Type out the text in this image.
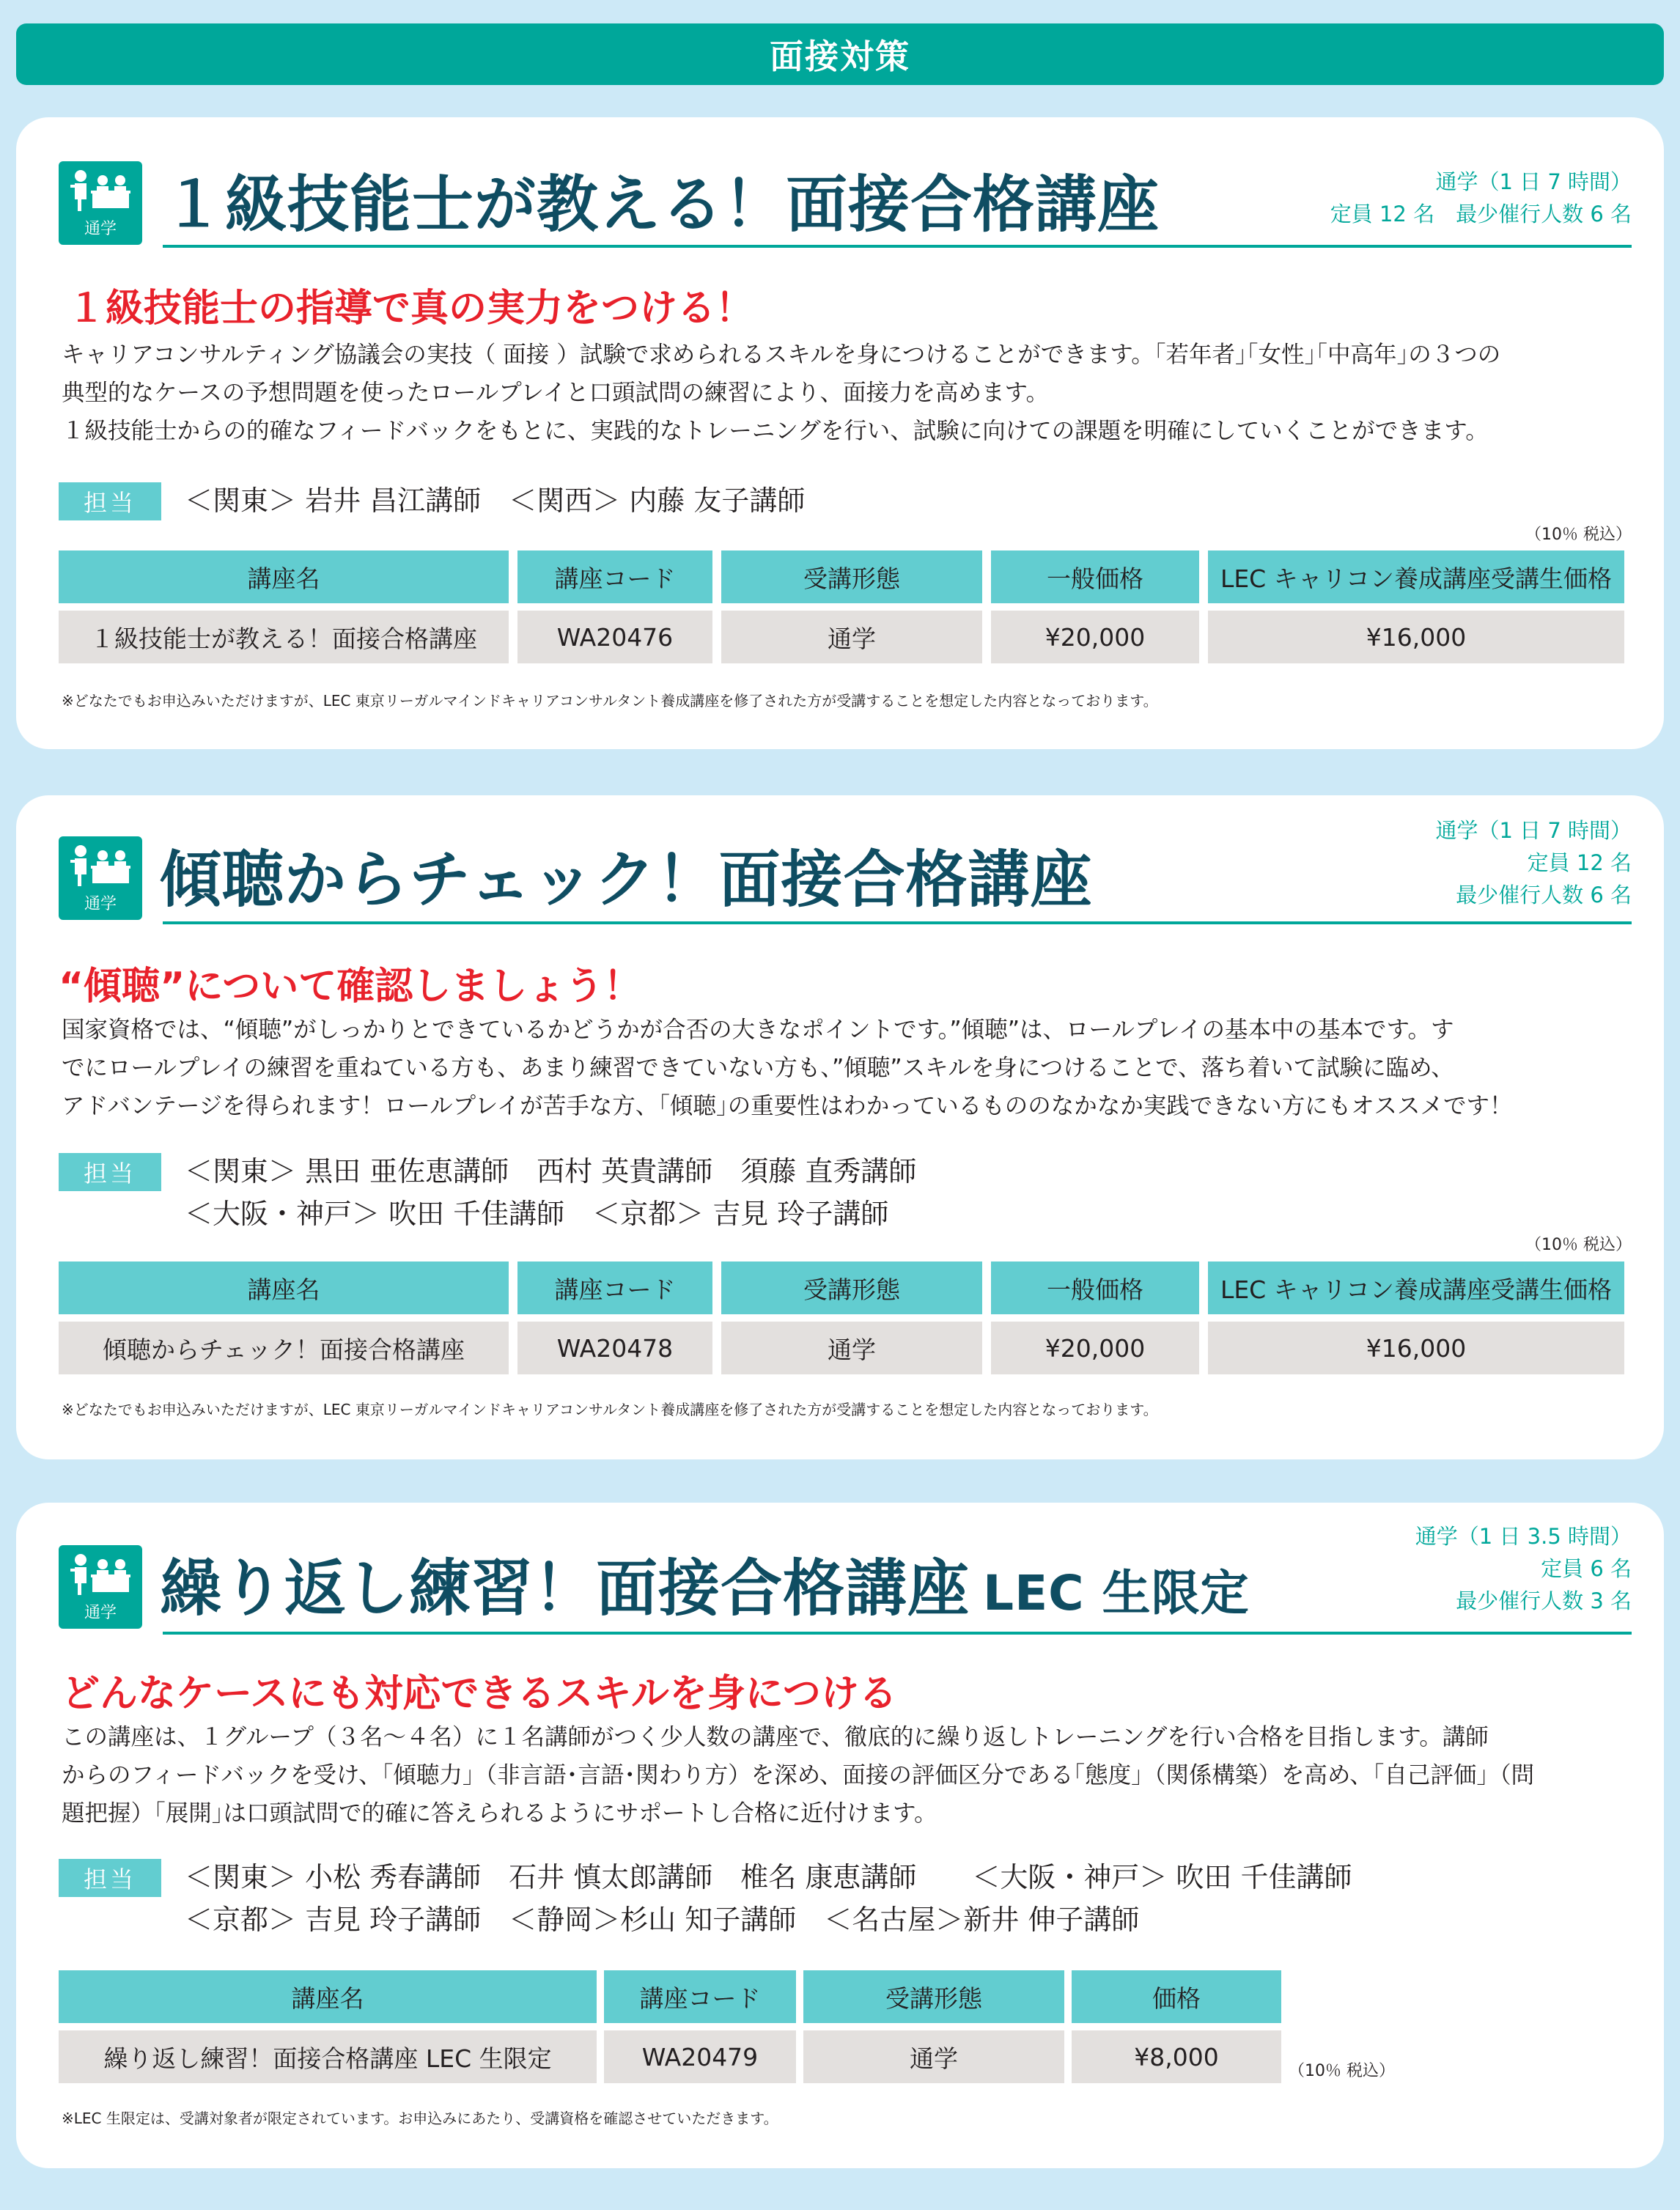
面接対策
通学 １級技能士が教える！面接合格講座	通学（1 日 7 時間）
定員 12 名　最少催行人数 6 名
１級技能士の指導で真の実力をつける！

キャリアコンサルティング協議会の実技（ 面接 ）試験で求められるスキルを身につけることができます。｢若年者｣｢女性｣｢中高年｣の３つの

典型的なケースの予想問題を使ったロールプレイと口頭試問の練習により、面接力を高めます。

１級技能士からの的確なフィードバックをもとに、実践的なトレーニングを行い、試験に向けての課題を明確にしていくことができます。

担当	＜関東＞ 岩井 昌江講師　＜関西＞ 内藤 友子講師
（10％ 税込）
講座名	講座コード	受講形態	一般価格	LEC キャリコン養成講座受講生価格
１級技能士が教える！面接合格講座	WA20476	通学	¥20,000	¥16,000
※どなたでもお申込みいただけますが、LEC 東京リーガルマインドキャリアコンサルタント養成講座を修了された方が受講することを想定した内容となっております。
通学 傾聴からチェック！面接合格講座
通学（1 日 7 時間）
定員 12 名
最少催行人数 6 名
“傾聴”について確認しましょう！

国家資格では、“傾聴”がしっかりとできているかどうかが合否の大きなポイントです。”傾聴”は、ロールプレイの基本中の基本です。す

でにロールプレイの練習を重ねている方も、あまり練習できていない方も、”傾聴”スキルを身につけることで、落ち着いて試験に臨め、

アドバンテージを得られます！ロールプレイが苦手な方、｢傾聴｣の重要性はわかっているもののなかなか実践できない方にもオススメです！

担当	＜関東＞ 黒田 亜佐恵講師　西村 英貴講師　須藤 直秀講師
＜大阪・神戸＞ 吹田 千佳講師　＜京都＞ 吉見 玲子講師
（10％ 税込）
講座名	講座コード	受講形態	一般価格	LEC キャリコン養成講座受講生価格
傾聴からチェック！面接合格講座	WA20478	通学	¥20,000	¥16,000
※どなたでもお申込みいただけますが、LEC 東京リーガルマインドキャリアコンサルタント養成講座を修了された方が受講することを想定した内容となっております。
通学 繰り返し練習！面接合格講座 LEC 生限定
通学（1 日 3.5 時間）
定員 6 名
最少催行人数 3 名
どんなケースにも対応できるスキルを身につける

この講座は、１グループ（３名〜４名）に１名講師がつく少人数の講座で、徹底的に繰り返しトレーニングを行い合格を目指します。講師

からのフィードバックを受け、｢傾聴力｣（非言語･言語･関わり方）を深め、面接の評価区分である｢態度｣（関係構築）を高め、｢自己評価｣（問

題把握）｢展開｣は口頭試問で的確に答えられるようにサポートし合格に近付けます。

担当	＜関東＞ 小松 秀春講師　石井 慎太郎講師　椎名 康恵講師　　＜大阪・神戸＞ 吹田 千佳講師
＜京都＞ 吉見 玲子講師　＜静岡＞杉山 知子講師　＜名古屋＞新井 伸子講師
講座名	講座コード	受講形態	価格
繰り返し練習！面接合格講座 LEC 生限定	WA20479	通学	¥8,000	（10％ 税込）
※LEC 生限定は、受講対象者が限定されています。お申込みにあたり、受講資格を確認させていただきます。
